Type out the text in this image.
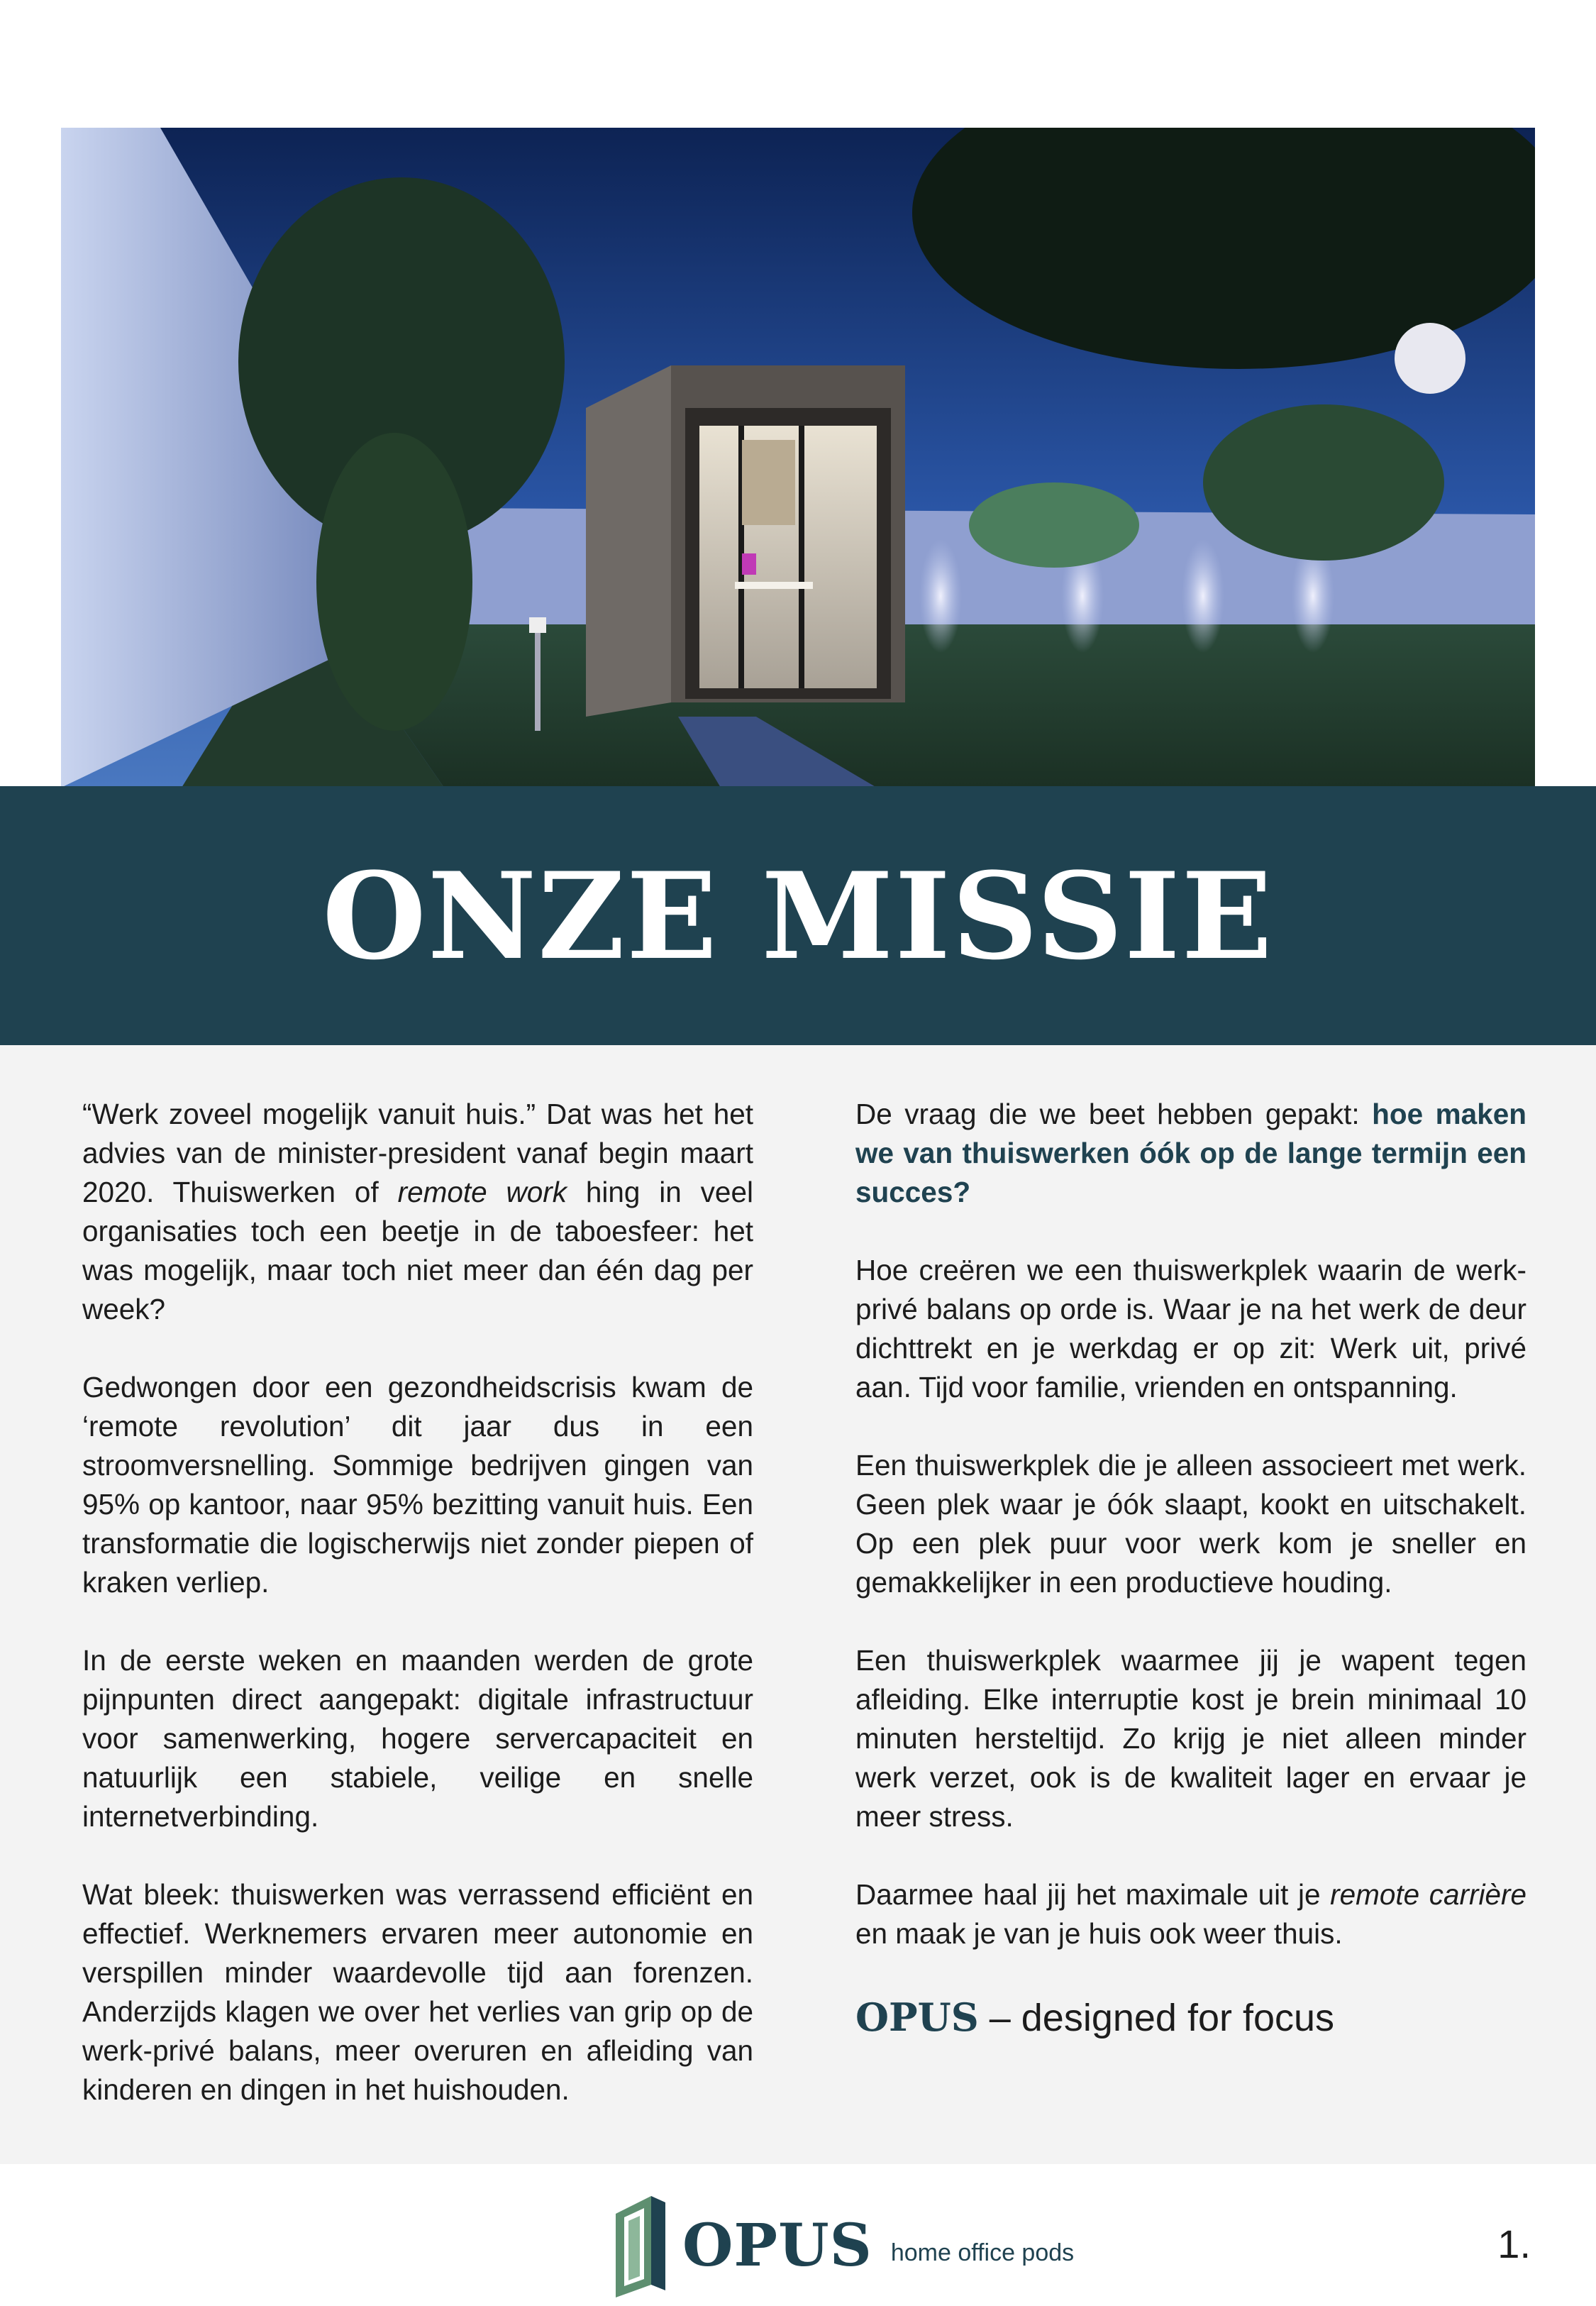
ONZE MISSIE

“Werk zoveel mogelijk vanuit huis.” Dat was het het advies van de minister-president vanaf begin maart 2020. Thuiswerken of remote work hing in veel organisaties toch een beetje in de taboesfeer: het was mogelijk, maar toch niet meer dan één dag per week?

Gedwongen door een gezondheidscrisis kwam de ‘remote revolution’ dit jaar dus in een stroomversnelling. Sommige bedrijven gingen van 95% op kantoor, naar 95% bezitting vanuit huis. Een transformatie die logischerwijs niet zonder piepen of kraken verliep.

In de eerste weken en maanden werden de grote pijnpunten direct aangepakt: digitale infrastructuur voor samenwerking, hogere servercapaciteit en natuurlijk een stabiele, veilige en snelle internetverbinding.

Wat bleek: thuiswerken was verrassend efficiënt en effectief. Werknemers ervaren meer autonomie en verspillen minder waardevolle tijd aan forenzen. Anderzijds klagen we over het verlies van grip op de werk-privé balans, meer overuren en afleiding van kinderen en dingen in het huishouden.

De vraag die we beet hebben gepakt: hoe maken we van thuiswerken óók op de lange termijn een succes?

Hoe creëren we een thuiswerkplek waarin de werk-privé balans op orde is. Waar je na het werk de deur dichttrekt en je werkdag er op zit: Werk uit, privé aan. Tijd voor familie, vrienden en ontspanning.

Een thuiswerkplek die je alleen associeert met werk. Geen plek waar je óók slaapt, kookt en uitschakelt. Op een plek puur voor werk kom je sneller en gemakkelijker in een productieve houding.

Een thuiswerkplek waarmee jij je wapent tegen afleiding. Elke interruptie kost je brein minimaal 10 minuten hersteltijd. Zo krijg je niet alleen minder werk verzet, ook is de kwaliteit lager en ervaar je meer stress.

Daarmee haal jij het maximale uit je remote carrière en maak je van je huis ook weer thuis.

OPUS – designed for focus

OPUS home office pods	1.
